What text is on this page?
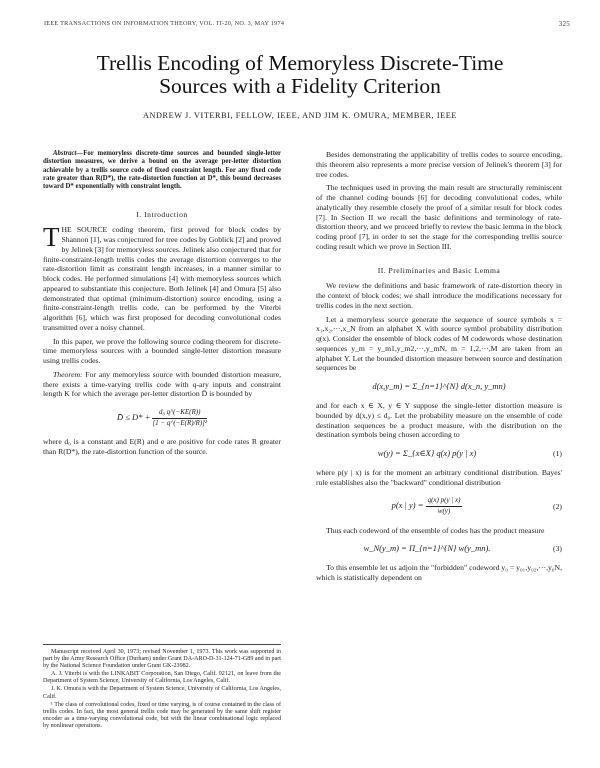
IEEE TRANSACTIONS ON INFORMATION THEORY, VOL. IT-20, NO. 3, MAY 1974	325
Trellis Encoding of Memoryless Discrete-Time
Sources with a Fidelity Criterion
ANDREW J. VITERBI, FELLOW, IEEE, AND JIM K. OMURA, MEMBER, IEEE

Abstract—For memoryless discrete-time sources and bounded single-letter distortion measures, we derive a bound on the average per-letter distortion achievable by a trellis source code of fixed constraint length. For any fixed code rate greater than R(D*), the rate-distortion function at D*, this bound decreases toward D* exponentially with constraint length.

I. Introduction

THE SOURCE coding theorem, first proved for block codes by Shannon [1], was conjectured for tree codes by Goblick [2] and proved by Jelinek [3] for memoryless sources. Jelinek also conjectured that for finite-constraint-length trellis codes the average distortion converges to the rate-distortion limit as constraint length increases, in a manner similar to block codes. He performed simulations [4] with memoryless sources which appeared to substantiate this conjecture. Both Jelinek [4] and Omura [5] also demonstrated that optimal (minimum-distortion) source encoding, using a finite-constraint-length trellis code, can be performed by the Viterbi algorithm [6], which was first proposed for decoding convolutional codes transmitted over a noisy channel.

In this paper, we prove the following source coding theorem for discrete-time memoryless sources with a bounded single-letter distortion measure using trellis codes.

Theorem: For any memoryless source with bounded distortion measure, there exists a time-varying trellis code with q-ary inputs and constraint length K for which the average per-letter distortion D̄ is bounded by

D̄ ≤ $D* + \frac{\text{d₀ q\textasciicircum{}(−KE(R))}}{\text{[1 − q\textasciicircum{}(−E(R)/R)]²}}$

where d₀ is a constant and E(R) and e are positive for code rates R greater than R(D*), the rate-distortion function of the source.

Manuscript received April 30, 1973; revised November 1, 1973. This work was supported in part by the Army Research Office (Durham) under Grant DA-ARO-D-31-124-71-G89 and in part by the National Science Foundation under Grant GK-23982.

A. J. Viterbi is with the LINKABIT Corporation, San Diego, Calif. 92121, on leave from the Department of System Science, University of California, Los Angeles, Calif.

J. K. Omura is with the Department of System Science, University of California, Los Angeles, Calif.

¹ The class of convolutional codes, fixed or time varying, is of course contained in the class of trellis codes. In fact, the most general trellis code may be generated by the same shift register encoder as a time-varying convolutional code, but with the linear combinational logic replaced by nonlinear operations.

Besides demonstrating the applicability of trellis codes to source encoding, this theorem also represents a more precise version of Jelinek's theorem [3] for tree codes.

The techniques used in proving the main result are structurally reminiscent of the channel coding bounds [6] for decoding convolutional codes, while analytically they resemble closely the proof of a similar result for block codes [7]. In Section II we recall the basic definitions and terminology of rate-distortion theory, and we proceed briefly to review the basic lemma in the block coding proof [7], in order to set the stage for the corresponding trellis source coding result which we prove in Section III.

II. Preliminaries and Basic Lemma

We review the definitions and basic framework of rate-distortion theory in the context of block codes; we shall introduce the modifications necessary for trellis codes in the next section.

Let a memoryless source generate the sequence of source symbols x = x₁,x₂,···,x_N from an alphabet X with source symbol probability distribution q(x). Consider the ensemble of block codes of M codewords whose destination sequences y_m = y_m1,y_m2,···,y_mN, m = 1,2,···,M are taken from an alphabet Y. Let the bounded distortion measure between source and destination sequences be

d(x,y_m) = Σ_{n=1}^{N} d(x_n, y_mn)

and for each x ∈ X, y ∈ Y suppose the single-letter distortion measure is bounded by d(x,y) ≤ d₀. Let the probability measure on the ensemble of code destination sequences be a product measure, with the distribution on the destination symbols being chosen according to

w(y) = Σ_{x∈X} q(x) p(y | x)	(1)

where p(y | x) is for the moment an arbitrary conditional distribution. Bayes' rule establishes also the "backward" conditional distribution

p(x | $y) = \frac{q(x) p(y | x)}{w(y)}$	(2)

Thus each codeword of the ensemble of codes has the product measure

w_N(y_m) = Π_{n=1}^{N} w(y_mn).	(3)

To this ensemble let us adjoin the "forbidden" codeword y₀ = y₀₁,y₀₂,···,y₀N, which is statistically dependent on
